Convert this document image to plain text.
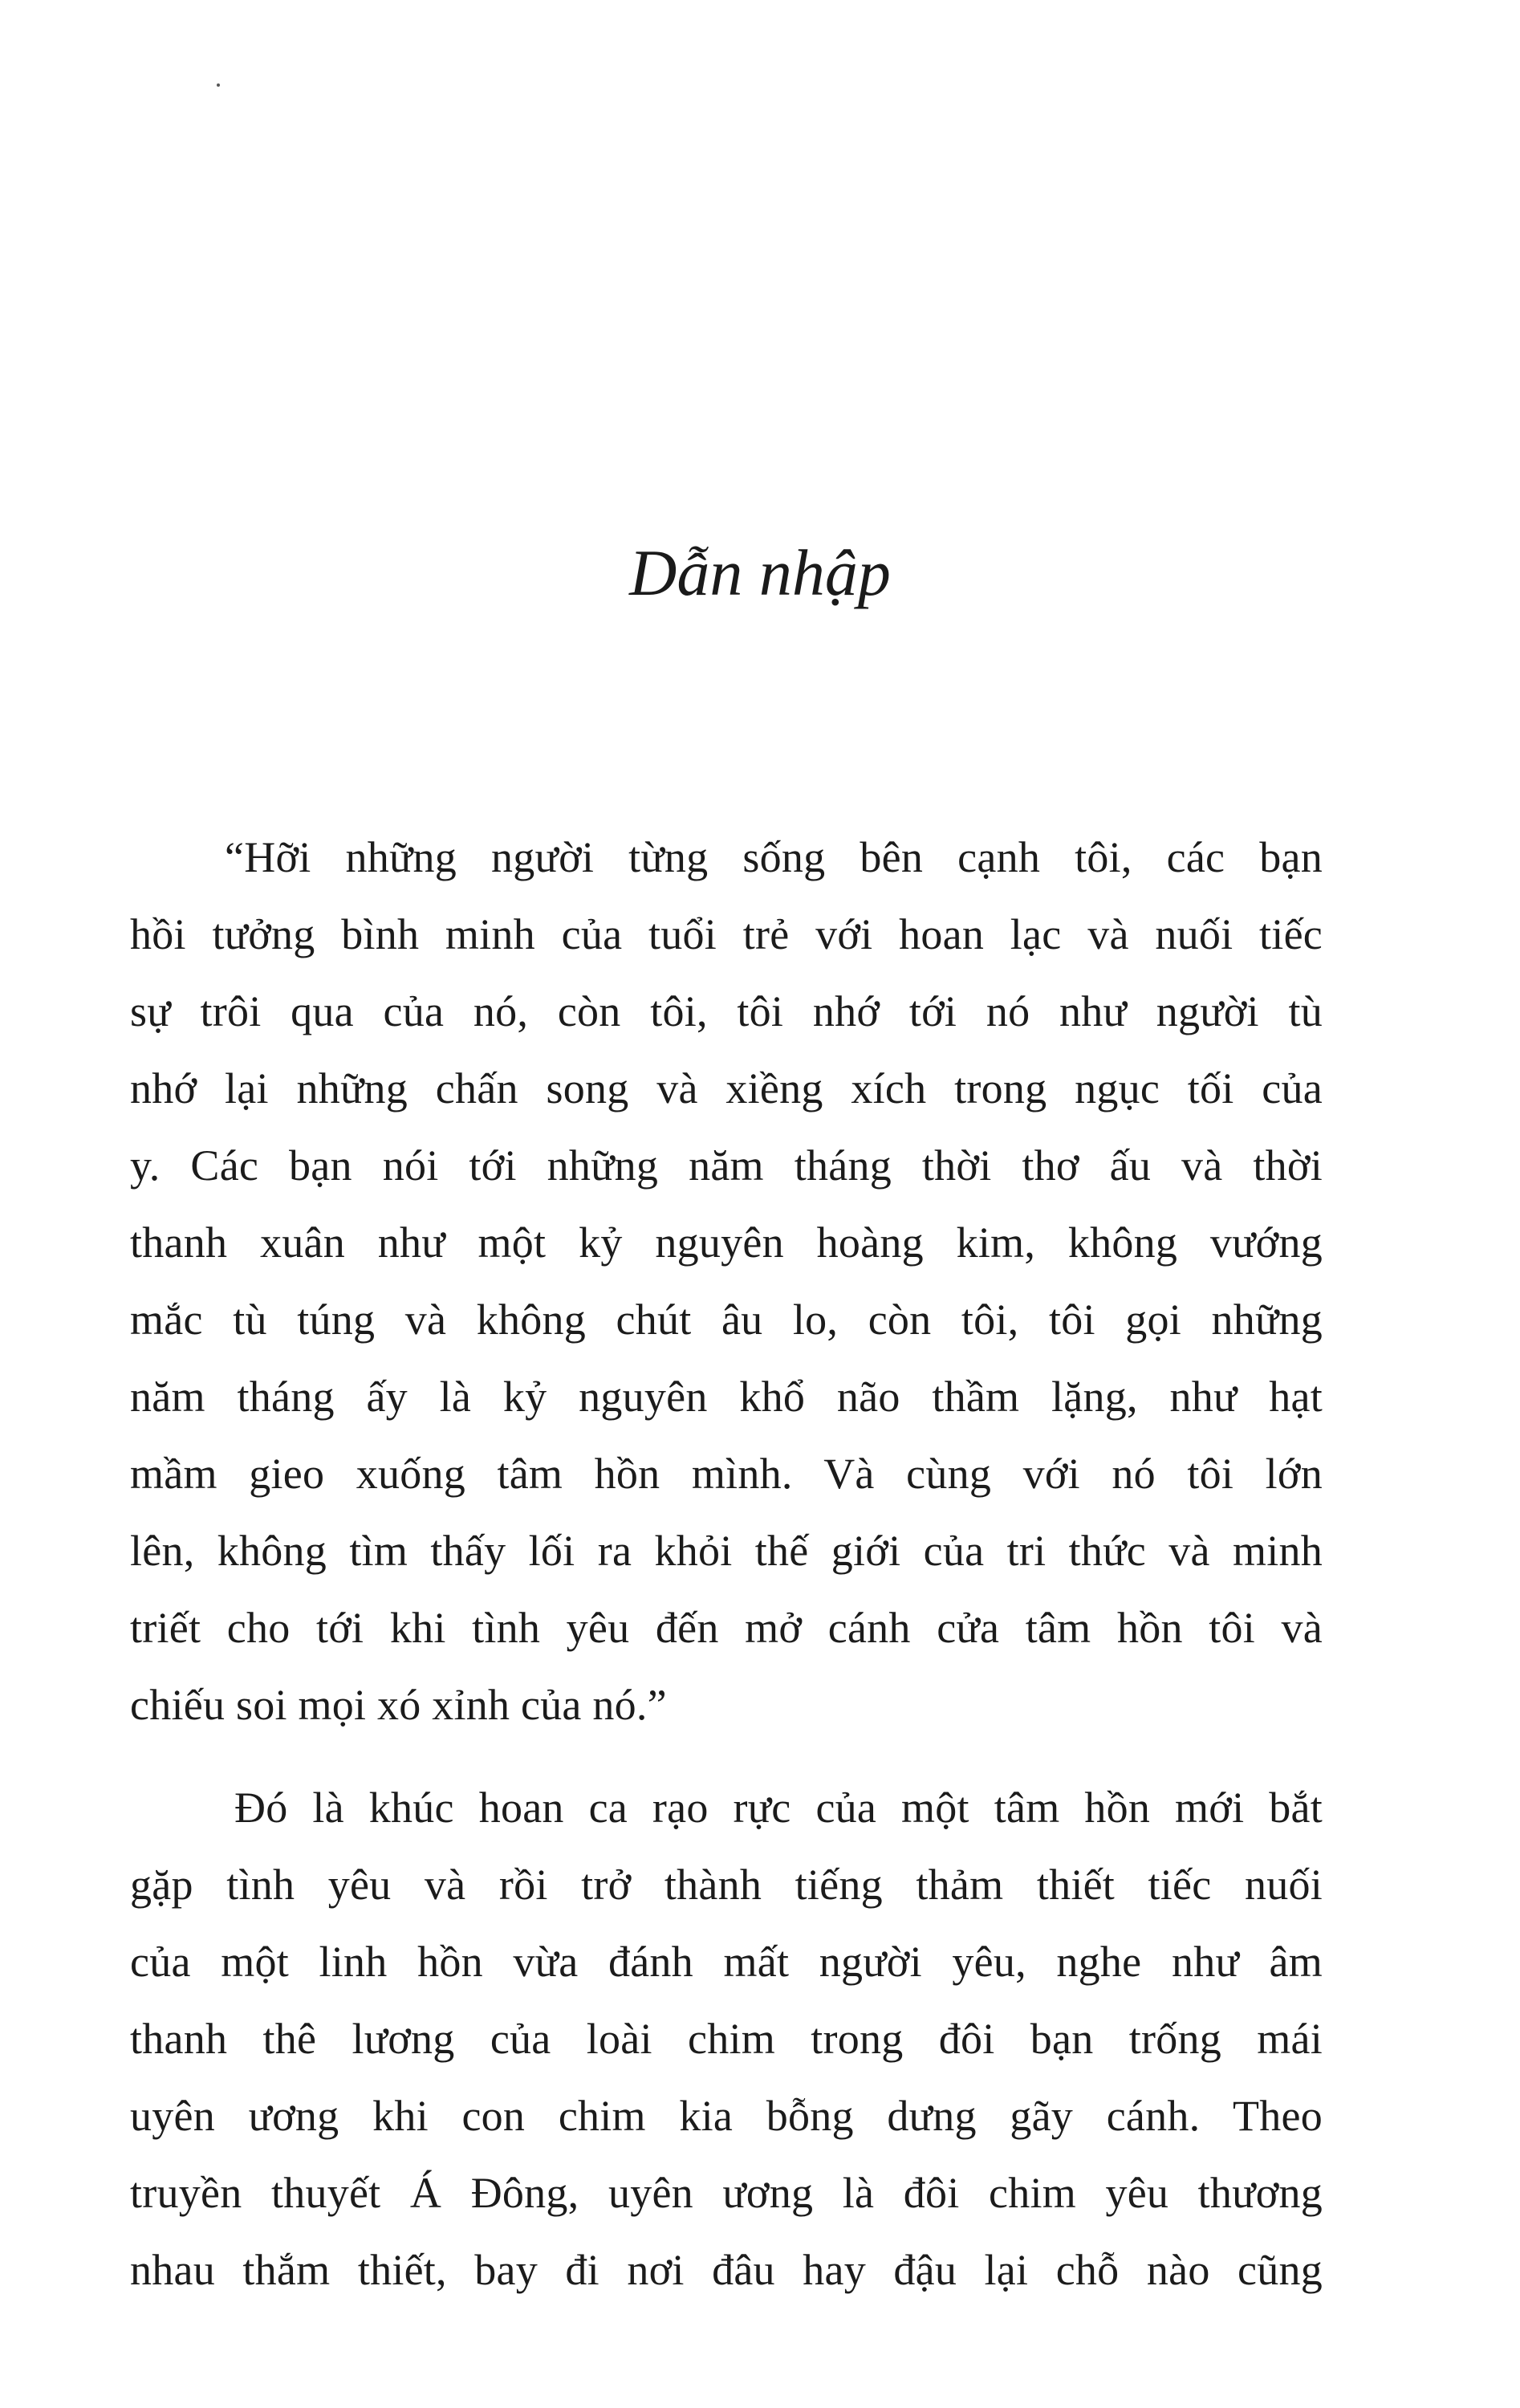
Dẫn nhập
“Hỡi những người từng sống bên cạnh tôi, các bạn
hồi tưởng bình minh của tuổi trẻ với hoan lạc và nuối tiếc
sự trôi qua của nó, còn tôi, tôi nhớ tới nó như người tù
nhớ lại những chấn song và xiềng xích trong ngục tối của
y. Các bạn nói tới những năm tháng thời thơ ấu và thời
thanh xuân như một kỷ nguyên hoàng kim, không vướng
mắc tù túng và không chút âu lo, còn tôi, tôi gọi những
năm tháng ấy là kỷ nguyên khổ não thầm lặng, như hạt
mầm gieo xuống tâm hồn mình. Và cùng với nó tôi lớn
lên, không tìm thấy lối ra khỏi thế giới của tri thức và minh
triết cho tới khi tình yêu đến mở cánh cửa tâm hồn tôi và
chiếu soi mọi xó xỉnh của nó.”
Đó là khúc hoan ca rạo rực của một tâm hồn mới bắt
gặp tình yêu và rồi trở thành tiếng thảm thiết tiếc nuối
của một linh hồn vừa đánh mất người yêu, nghe như âm
thanh thê lương của loài chim trong đôi bạn trống mái
uyên ương khi con chim kia bỗng dưng gãy cánh. Theo
truyền thuyết Á Đông, uyên ương là đôi chim yêu thương
nhau thắm thiết, bay đi nơi đâu hay đậu lại chỗ nào cũng
